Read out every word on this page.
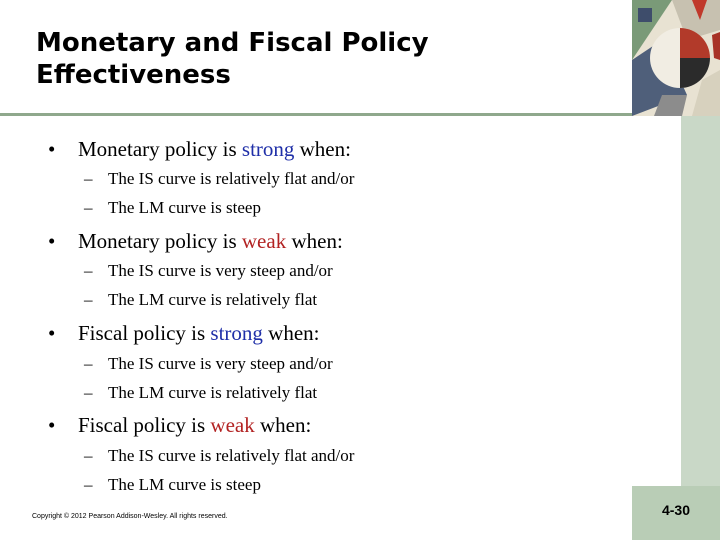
Monetary and Fiscal Policy
Effectiveness
• Monetary policy is strong when:
– The IS curve is relatively flat and/or
– The LM curve is steep
• Monetary policy is weak when:
– The IS curve is very steep and/or
– The LM curve is relatively flat
• Fiscal policy is strong when:
– The IS curve is very steep and/or
– The LM curve is relatively flat
• Fiscal policy is weak when:
– The IS curve is relatively flat and/or
– The LM curve is steep
Copyright © 2012 Pearson Addison-Wesley. All rights reserved.	4-30
